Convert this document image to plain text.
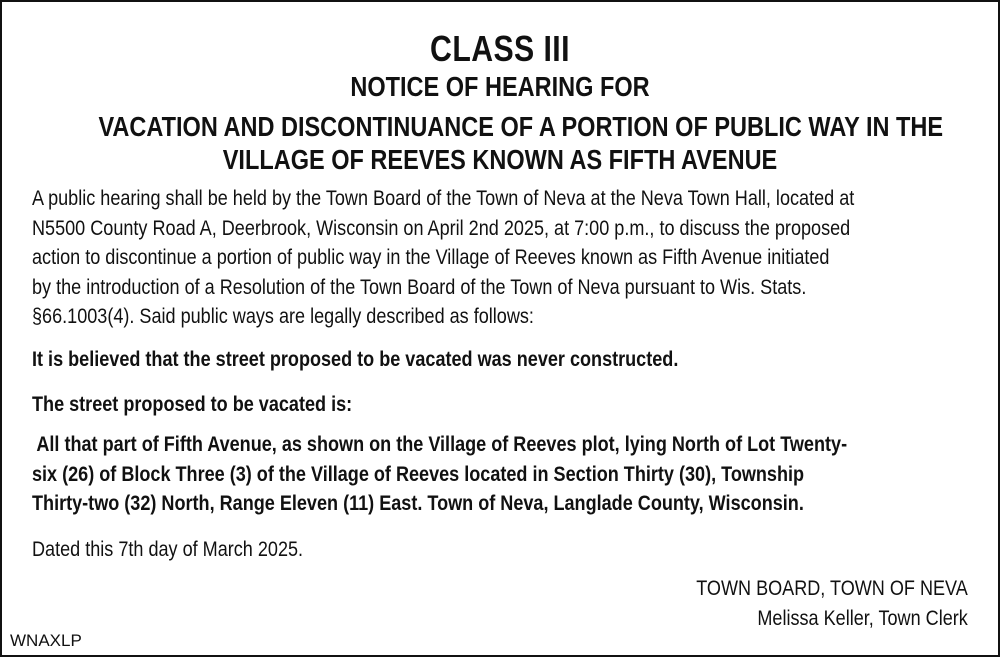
CLASS III
NOTICE OF HEARING FOR
VACATION AND DISCONTINUANCE OF A PORTION OF PUBLIC WAY IN THE
VILLAGE OF REEVES KNOWN AS FIFTH AVENUE
A public hearing shall be held by the Town Board of the Town of Neva at the Neva Town Hall, located at
N5500 County Road A, Deerbrook, Wisconsin on April 2nd 2025, at 7:00 p.m., to discuss the proposed
action to discontinue a portion of public way in the Village of Reeves known as Fifth Avenue initiated
by the introduction of a Resolution of the Town Board of the Town of Neva pursuant to Wis. Stats.
§66.1003(4). Said public ways are legally described as follows:
It is believed that the street proposed to be vacated was never constructed.
The street proposed to be vacated is:
All that part of Fifth Avenue, as shown on the Village of Reeves plot, lying North of Lot Twenty-
six (26) of Block Three (3) of the Village of Reeves located in Section Thirty (30), Township
Thirty-two (32) North, Range Eleven (11) East. Town of Neva, Langlade County, Wisconsin.
Dated this 7th day of March 2025.
TOWN BOARD, TOWN OF NEVA
Melissa Keller, Town Clerk
WNAXLP
